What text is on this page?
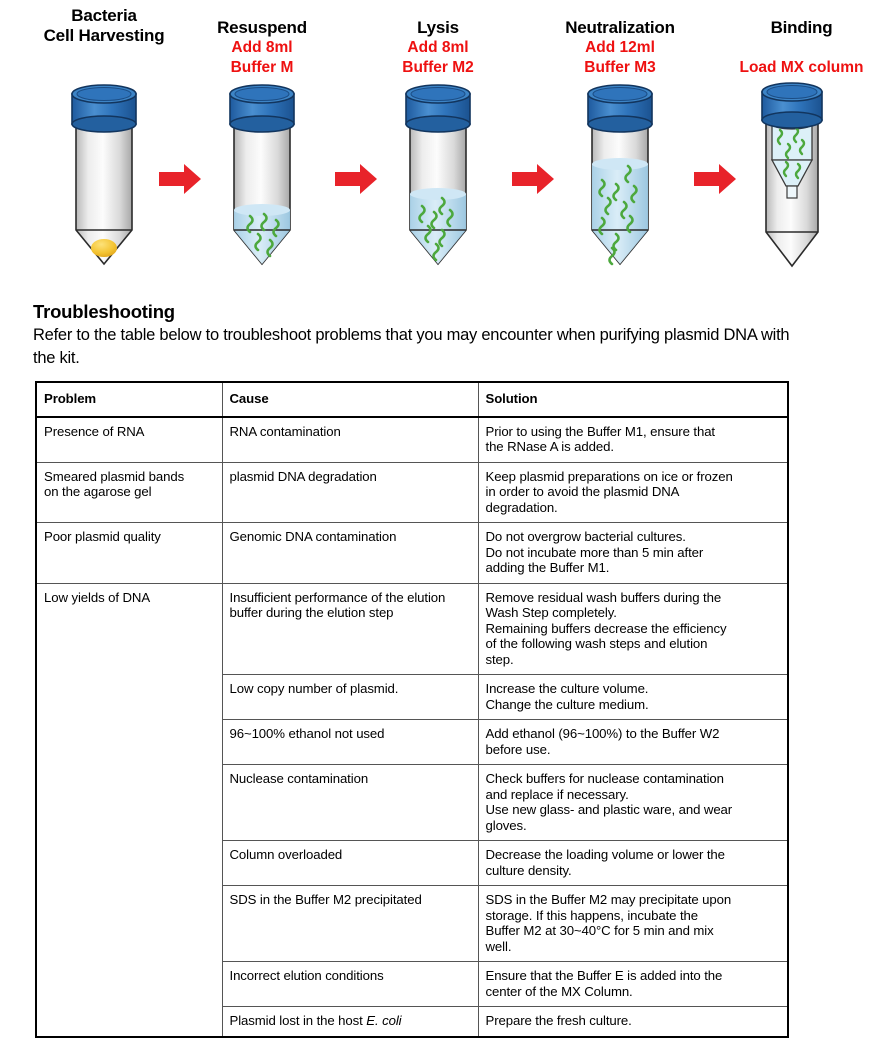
Bacteria
Cell Harvesting	Resuspend
Add 8ml
Buffer M
Lysis
Add 8ml
Buffer M2
Neutralization
Add 12ml
Buffer M3
Binding
Load MX column
Troubleshooting

Refer to the table below to troubleshoot problems that you may encounter when purifying plasmid DNA with the kit.

Problem	Cause	Solution

Presence of RNA	RNA contamination	Prior to using the Buffer M1, ensure that
the RNase A is added.

Smeared plasmid bands
on the agarose gel	plasmid DNA degradation	Keep plasmid preparations on ice or frozen
in order to avoid the plasmid DNA
degradation.

Poor plasmid quality	Genomic DNA contamination	Do not overgrow bacterial cultures.
Do not incubate more than 5 min after
adding the Buffer M1.

Low yields of DNA	Insufficient performance of the elution
buffer during the elution step	Remove residual wash buffers during the
Wash Step completely.
Remaining buffers decrease the efficiency
of the following wash steps and elution
step.

	Low copy number of plasmid.	Increase the culture volume.
Change the culture medium.

	96~100% ethanol not used	Add ethanol (96~100%) to the Buffer W2
before use.

	Nuclease contamination	Check buffers for nuclease contamination
and replace if necessary.
Use new glass- and plastic ware, and wear
gloves.

	Column overloaded	Decrease the loading volume or lower the
culture density.

	SDS in the Buffer M2 precipitated	SDS in the Buffer M2 may precipitate upon
storage. If this happens, incubate the
Buffer M2 at 30~40°C for 5 min and mix
well.

	Incorrect elution conditions	Ensure that the Buffer E is added into the
center of the MX Column.

	Plasmid lost in the host E. coli	Prepare the fresh culture.
